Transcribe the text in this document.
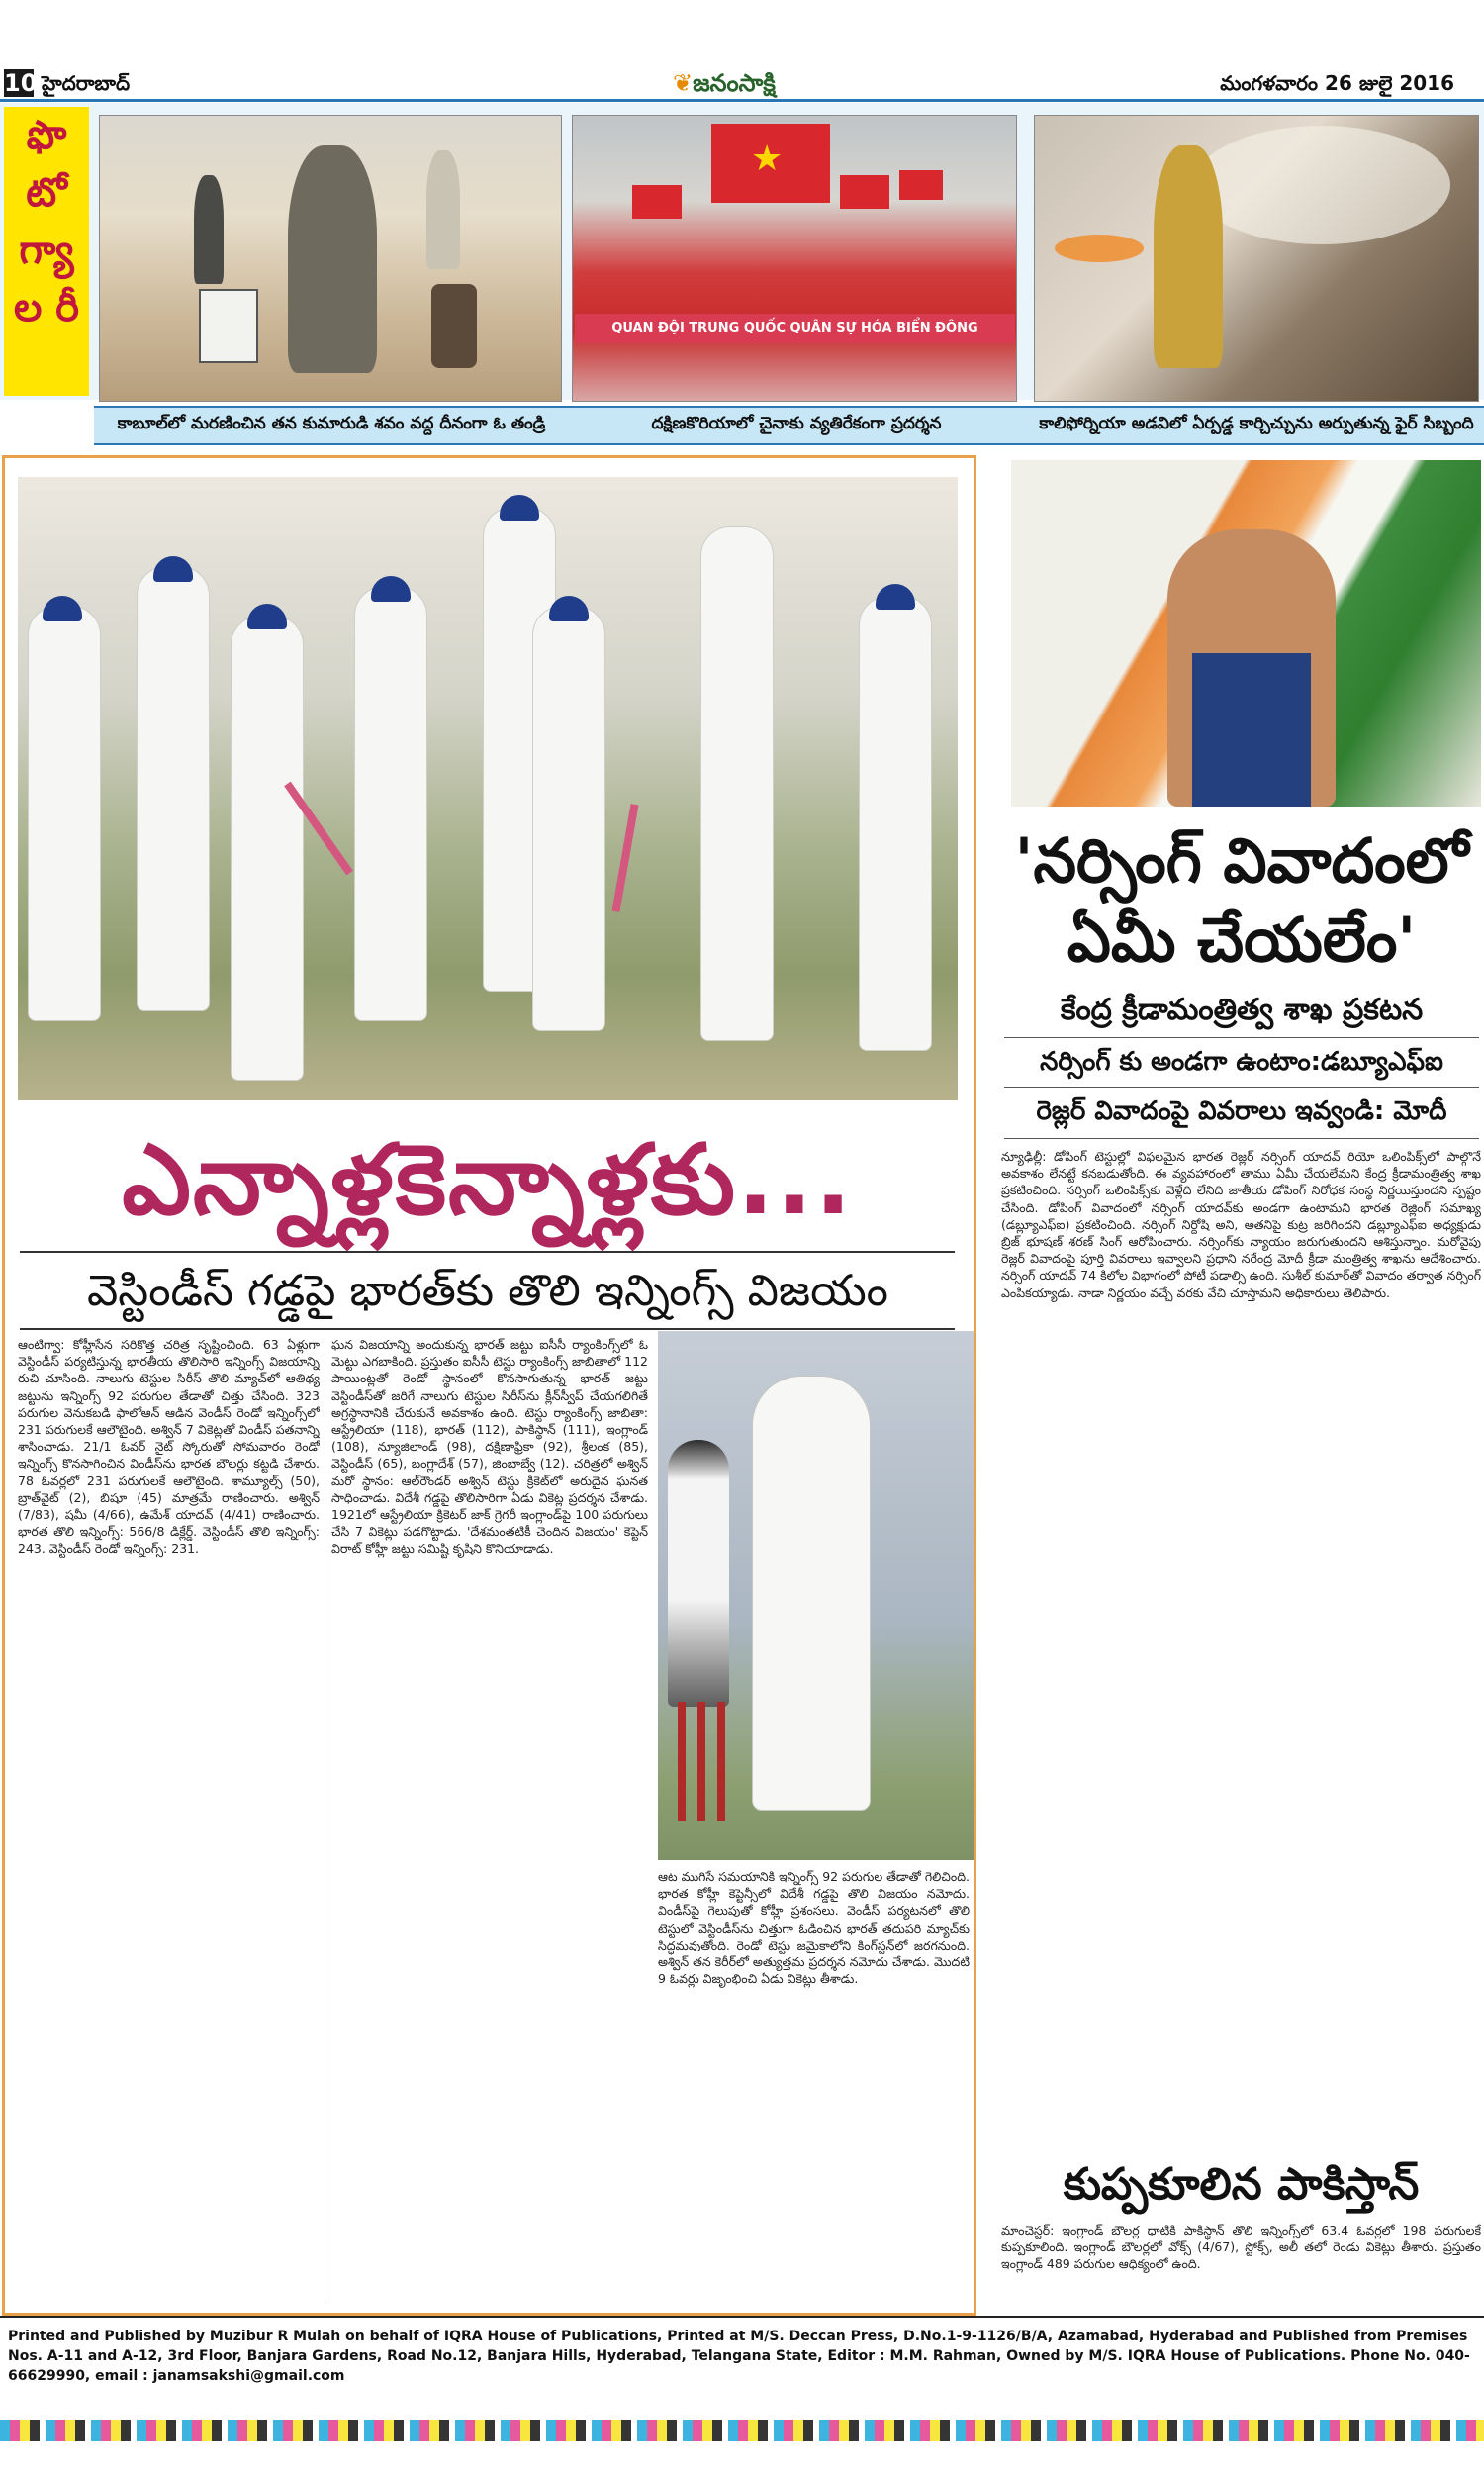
10 హైదరాబాద్	❦జనంసాక్షి	మంగళవారం 26 జులై 2016
ఫొ టో గ్యా ల రీ
★
QUAN ĐỘI TRUNG QUỐC QUÂN SỰ HÓA BIỂN ĐÔNG
కాబూల్‌లో మరణించిన తన కుమారుడి శవం వద్ద దీనంగా ఓ తండ్రి	దక్షిణకొరియాలో చైనాకు వ్యతిరేకంగా ప్రదర్శన	కాలిఫోర్నియా అడవిలో ఏర్పడ్డ కార్చిచ్చును అర్పుతున్న ఫైర్ సిబ్బంది
ఎన్నాళ్లకెన్నాళ్లకు...
వెస్టిండీస్ గడ్డపై భారత్‌కు తొలి ఇన్నింగ్స్ విజయం
ఆంటిగ్వా: కోహ్లీసేన సరికొత్త చరిత్ర సృష్టించింది. 63 ఏళ్లుగా వెస్టిండీస్ పర్యటిస్తున్న భారతీయ తొలిసారి ఇన్నింగ్స్ విజయాన్ని రుచి చూసింది. నాలుగు టెస్టుల సిరీస్ తొలి మ్యాచ్‌లో ఆతిథ్య జట్టును ఇన్నింగ్స్ 92 పరుగుల తేడాతో చిత్తు చేసింది. 323 పరుగుల వెనుకబడి ఫాలోఆన్ ఆడిన వెండీస్ రెండో ఇన్నింగ్స్‌లో 231 పరుగులకే ఆలౌటైంది. అశ్విన్ 7 వికెట్లతో విండీస్ పతనాన్ని శాసించాడు. 21/1 ఓవర్ నైట్ స్కోరుతో సోమవారం రెండో ఇన్నింగ్స్ కొనసాగించిన విండీస్‌ను భారత బౌలర్లు కట్టడి చేశారు. 78 ఓవర్లలో 231 పరుగులకే ఆలౌటైంది. శామ్యూల్స్ (50), బ్రాత్‌వైట్ (2), బిషూ (45) మాత్రమే రాణించారు. అశ్విన్ (7/83), షమీ (4/66), ఉమేశ్ యాదవ్ (4/41) రాణించారు. భారత తొలి ఇన్నింగ్స్: 566/8 డిక్లేర్డ్. వెస్టిండీస్ తొలి ఇన్నింగ్స్: 243. వెస్టిండీస్ రెండో ఇన్నింగ్స్: 231.
ఘన విజయాన్ని అందుకున్న భారత్ జట్టు ఐసీసీ ర్యాంకింగ్స్‌లో ఓ మెట్టు ఎగబాకింది. ప్రస్తుతం ఐసీసీ టెస్టు ర్యాంకింగ్స్ జాబితాలో 112 పాయింట్లతో రెండో స్థానంలో కొనసాగుతున్న భారత్ జట్టు వెస్టిండీస్‌తో జరిగే నాలుగు టెస్టుల సిరీస్‌ను క్లీన్‌స్వీప్ చేయగలిగితే అగ్రస్థానానికి చేరుకునే అవకాశం ఉంది. టెస్టు ర్యాంకింగ్స్ జాబితా: ఆస్ట్రేలియా (118), భారత్ (112), పాకిస్థాన్ (111), ఇంగ్లాండ్ (108), న్యూజిలాండ్ (98), దక్షిణాఫ్రికా (92), శ్రీలంక (85), వెస్టిండీస్ (65), బంగ్లాదేశ్ (57), జింబాబ్వే (12). చరిత్రలో అశ్విన్ మరో స్థానం: ఆల్‌రౌండర్ అశ్విన్ టెస్టు క్రికెట్‌లో అరుదైన ఘనత సాధించాడు. విదేశీ గడ్డపై తొలిసారిగా ఏడు వికెట్ల ప్రదర్శన చేశాడు. 1921లో ఆస్ట్రేలియా క్రికెటర్ జాక్ గ్రెగరీ ఇంగ్లాండ్‌పై 100 పరుగులు చేసి 7 వికెట్లు పడగొట్టాడు. 'దేశమంతటికీ చెందిన విజయం' కెప్టెన్ విరాట్ కోహ్లీ జట్టు సమిష్టి కృషిని కొనియాడాడు.
ఆట ముగిసే సమయానికి ఇన్నింగ్స్ 92 పరుగుల తేడాతో గెలిచింది. భారత కోహ్లీ కెప్టెన్సీలో విదేశీ గడ్డపై తొలి విజయం నమోదు. విండీస్‌పై గెలుపుతో కోహ్లీ ప్రశంసలు. వెండీస్ పర్యటనలో తొలి టెస్టులో వెస్టిండీస్‌ను చిత్తుగా ఓడించిన భారత్ తదుపరి మ్యాచ్‌కు సిద్ధమవుతోంది. రెండో టెస్టు జమైకాలోని కింగ్‌స్టన్‌లో జరగనుంది. అశ్విన్ తన కెరీర్‌లో అత్యుత్తమ ప్రదర్శన నమోదు చేశాడు. మొదటి 9 ఓవర్లు విజృంభించి ఏడు వికెట్లు తీశాడు.
'నర్సింగ్ వివాదంలో ఏమీ చేయలేం'
కేంద్ర క్రీడామంత్రిత్వ శాఖ ప్రకటన
నర్సింగ్ కు అండగా ఉంటాం:డబ్యూఎఫ్ఐ
రెజ్లర్ వివాదంపై వివరాలు ఇవ్వండి: మోదీ
న్యూఢిల్లీ: డోపింగ్ టెస్టుల్లో విఫలమైన భారత రెజ్లర్ నర్సింగ్ యాదవ్ రియో ఒలింపిక్స్‌లో పాల్గొనే అవకాశం లేనట్టే కనబడుతోంది. ఈ వ్యవహారంలో తాము ఏమీ చేయలేమని కేంద్ర క్రీడామంత్రిత్వ శాఖ ప్రకటించింది. నర్సింగ్ ఒలింపిక్స్‌కు వెళ్లేది లేనిది జాతీయ డోపింగ్ నిరోధక సంస్థ నిర్ణయిస్తుందని స్పష్టం చేసింది. డోపింగ్ వివాదంలో నర్సింగ్ యాదవ్‌కు అండగా ఉంటామని భారత రెజ్లింగ్ సమాఖ్య (డబ్ల్యూఎఫ్ఐ) ప్రకటించింది. నర్సింగ్ నిర్దోషి అని, అతనిపై కుట్ర జరిగిందని డబ్ల్యూఎఫ్ఐ అధ్యక్షుడు బ్రిజ్ భూషణ్ శరణ్ సింగ్ ఆరోపించారు. నర్సింగ్‌కు న్యాయం జరుగుతుందని ఆశిస్తున్నాం. మరోవైపు రెజ్లర్ వివాదంపై పూర్తి వివరాలు ఇవ్వాలని ప్రధాని నరేంద్ర మోదీ క్రీడా మంత్రిత్వ శాఖను ఆదేశించారు. నర్సింగ్ యాదవ్ 74 కిలోల విభాగంలో పోటీ పడాల్సి ఉంది. సుశీల్ కుమార్‌తో వివాదం తర్వాత నర్సింగ్ ఎంపికయ్యాడు. నాడా నిర్ణయం వచ్చే వరకు వేచి చూస్తామని అధికారులు తెలిపారు.
కుప్పకూలిన పాకిస్తాన్
మాంచెస్టర్: ఇంగ్లాండ్ బౌలర్ల ధాటికి పాకిస్థాన్ తొలి ఇన్నింగ్స్‌లో 63.4 ఓవర్లలో 198 పరుగులకే కుప్పకూలింది. ఇంగ్లాండ్ బౌలర్లలో వోక్స్ (4/67), స్టోక్స్, అలీ తలో రెండు వికెట్లు తీశారు. ప్రస్తుతం ఇంగ్లాండ్ 489 పరుగుల ఆధిక్యంలో ఉంది.
Printed and Published by Muzibur R Mulah on behalf of IQRA House of Publications, Printed at M/S. Deccan Press, D.No.1-9-1126/B/A, Azamabad, Hyderabad and Published from Premises Nos. A-11 and A-12, 3rd Floor, Banjara Gardens, Road No.12, Banjara Hills, Hyderabad, Telangana State, Editor : M.M. Rahman, Owned by M/S. IQRA House of Publications. Phone No. 040-66629990, email : janamsakshi@gmail.com
